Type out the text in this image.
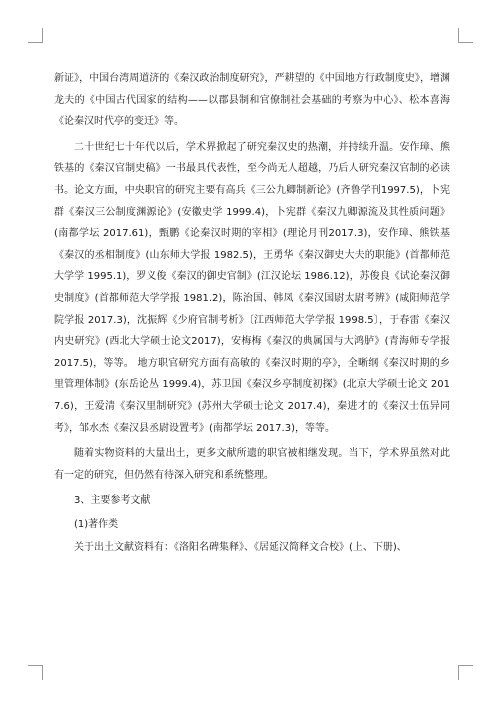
新证》，中国台湾周道济的《秦汉政治制度研究》，严耕望的《中国地方行政制度史》，增渊龙夫的《中国古代国家的结构——以郡县制和官僚制社会基础的考察为中心》、松本喜海《论秦汉时代亭的变迁》等。

二十世纪七十年代以后，学术界掀起了研究秦汉史的热潮，并持续升温。安作璋、熊铁基的《秦汉官制史稿》一书最具代表性，至今尚无人超越，乃后人研究秦汉官制的必读书。论文方面，中央职官的研究主要有高兵《三公九卿制新论》(齐鲁学刊1997.5)，卜宪群《秦汉三公制度渊源论》(安徽史学 1999.4)，卜宪群《秦汉九卿源流及其性质问题》(南都学坛 2017.61)，甄鹏《论秦汉时期的宰相》(理论月刊2017.3)，安作璋、熊铁基《秦汉的丞相制度》(山东师大学报 1982.5)，王勇华《秦汉御史大夫的职能》(首都师范大学学 1995.1)，罗义俊《秦汉的御史官制》(江汉论坛 1986.12)，苏俊良《试论秦汉御史制度》(首都师范大学学报 1981.2)，陈治国、韩凤《秦汉国尉太尉考辨》(咸阳师范学院学报 2017.3)，沈振辉《少府官制考析》〔江西师范大学学报 1998.5〕，于春雷《秦汉内史研究》(西北大学硕士论文2017)，安梅梅《秦汉的典属国与大鸿胪》(青海师专学报 2017.5)，等等。 地方职官研究方面有高敏的《秦汉时期的亭》，全晰纲《秦汉时期的乡里管理体制》(东岳论丛 1999.4)，苏卫国《秦汉乡亭制度初探》(北京大学硕士论文 2017.6)，王爱清《秦汉里制研究》(苏州大学硕士论文 2017.4)，秦进才的《秦汉士伍异同考》，邹水杰《秦汉县丞尉设置考》(南都学坛 2017.3)，等等。

随着实物资料的大量出土，更多文献所遗的职官被相继发现。当下，学术界虽然对此有一定的研究，但仍然有待深入研究和系统整理。

3、主要参考文献

(1)著作类

关于出土文献资料有：《洛阳名碑集释》、《居延汉简释文合校》(上、下册)、
